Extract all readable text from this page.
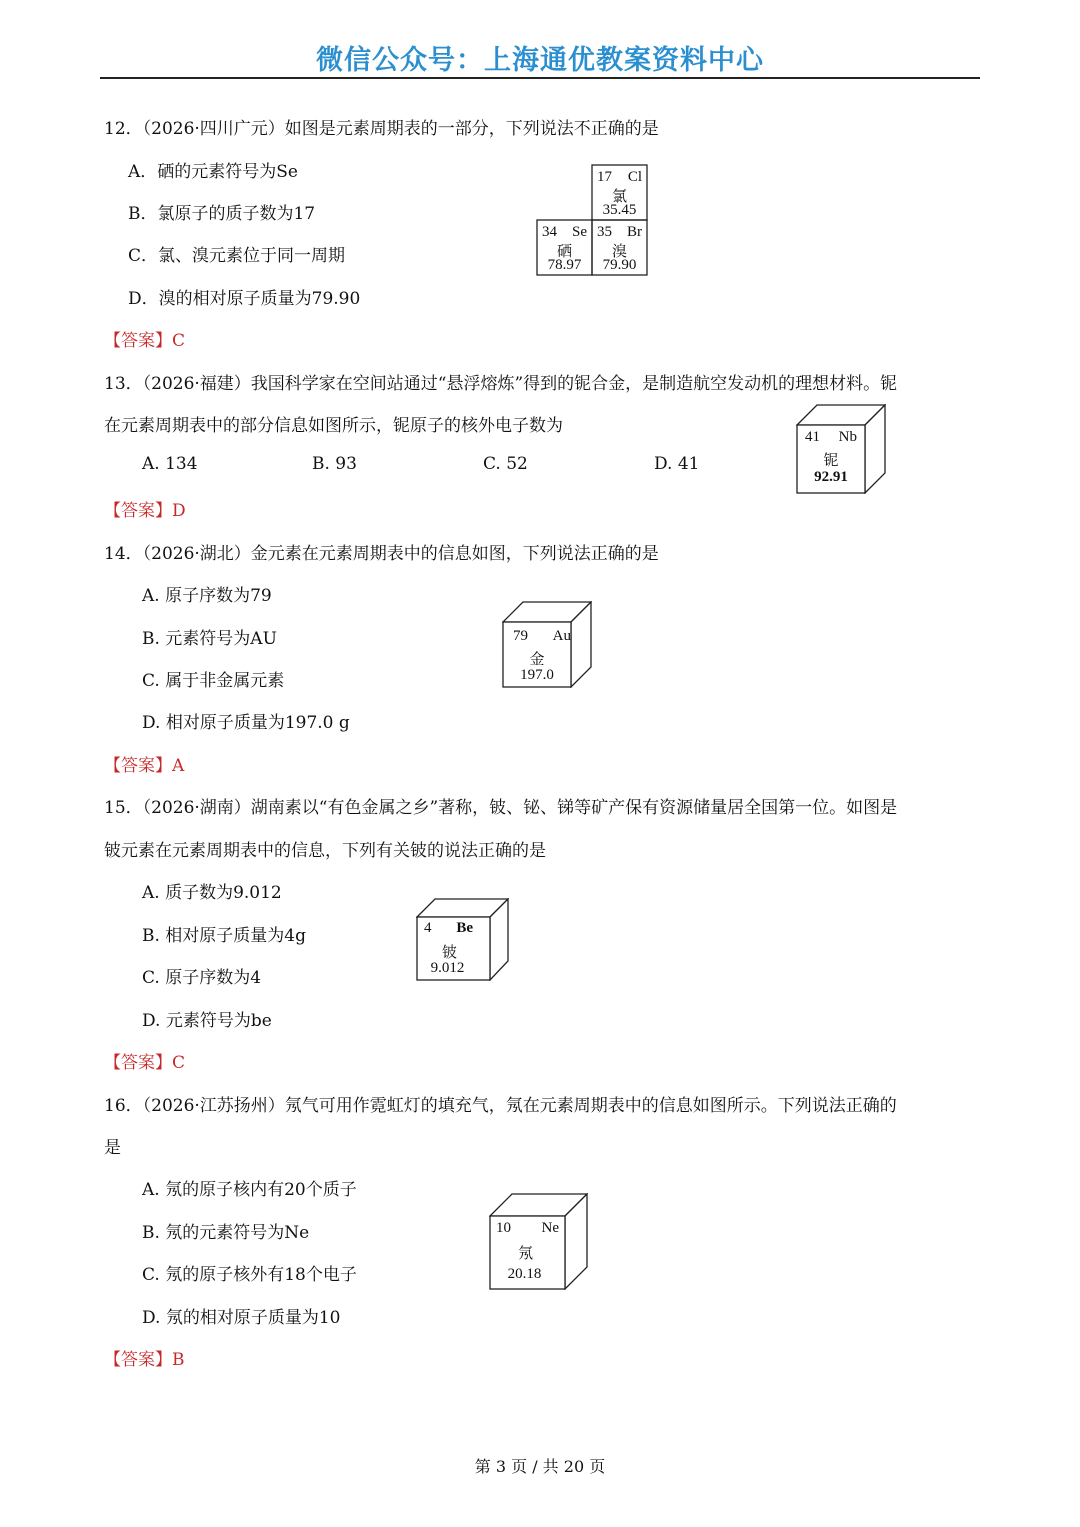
微信公众号：上海通优教案资料中心
12．（2026·四川广元）如图是元素周期表的一部分，下列说法不正确的是
A．硒的元素符号为Se
B．氯原子的质子数为17
C．氯、溴元素位于同一周期
D．溴的相对原子质量为79.90
【答案】C
17 Cl
氯
35.45
34 Se
硒
78.97
35 Br
溴
79.90
13．（2026·福建）我国科学家在空间站通过“悬浮熔炼”得到的铌合金，是制造航空发动机的理想材料。铌
在元素周期表中的部分信息如图所示，铌原子的核外电子数为
A. 134	B. 93	C. 52	D. 41
【答案】D
41 Nb
铌
92.91
14．（2026·湖北）金元素在元素周期表中的信息如图，下列说法正确的是
A. 原子序数为79
B. 元素符号为AU
C. 属于非金属元素
D. 相对原子质量为197.0 g
【答案】A
79 Au
金
197.0
15．（2026·湖南）湖南素以“有色金属之乡”著称，铍、铋、锑等矿产保有资源储量居全国第一位。如图是
铍元素在元素周期表中的信息，下列有关铍的说法正确的是
A. 质子数为9.012
B. 相对原子质量为4g
C. 原子序数为4
D. 元素符号为be
【答案】C
4 Be
铍
9.012
16．（2026·江苏扬州）氖气可用作霓虹灯的填充气，氖在元素周期表中的信息如图所示。下列说法正确的
是
A. 氖的原子核内有20个质子
B. 氖的元素符号为Ne
C. 氖的原子核外有18个电子
D. 氖的相对原子质量为10
【答案】B
10 Ne
氖
20.18
第 3 页 / 共 20 页
